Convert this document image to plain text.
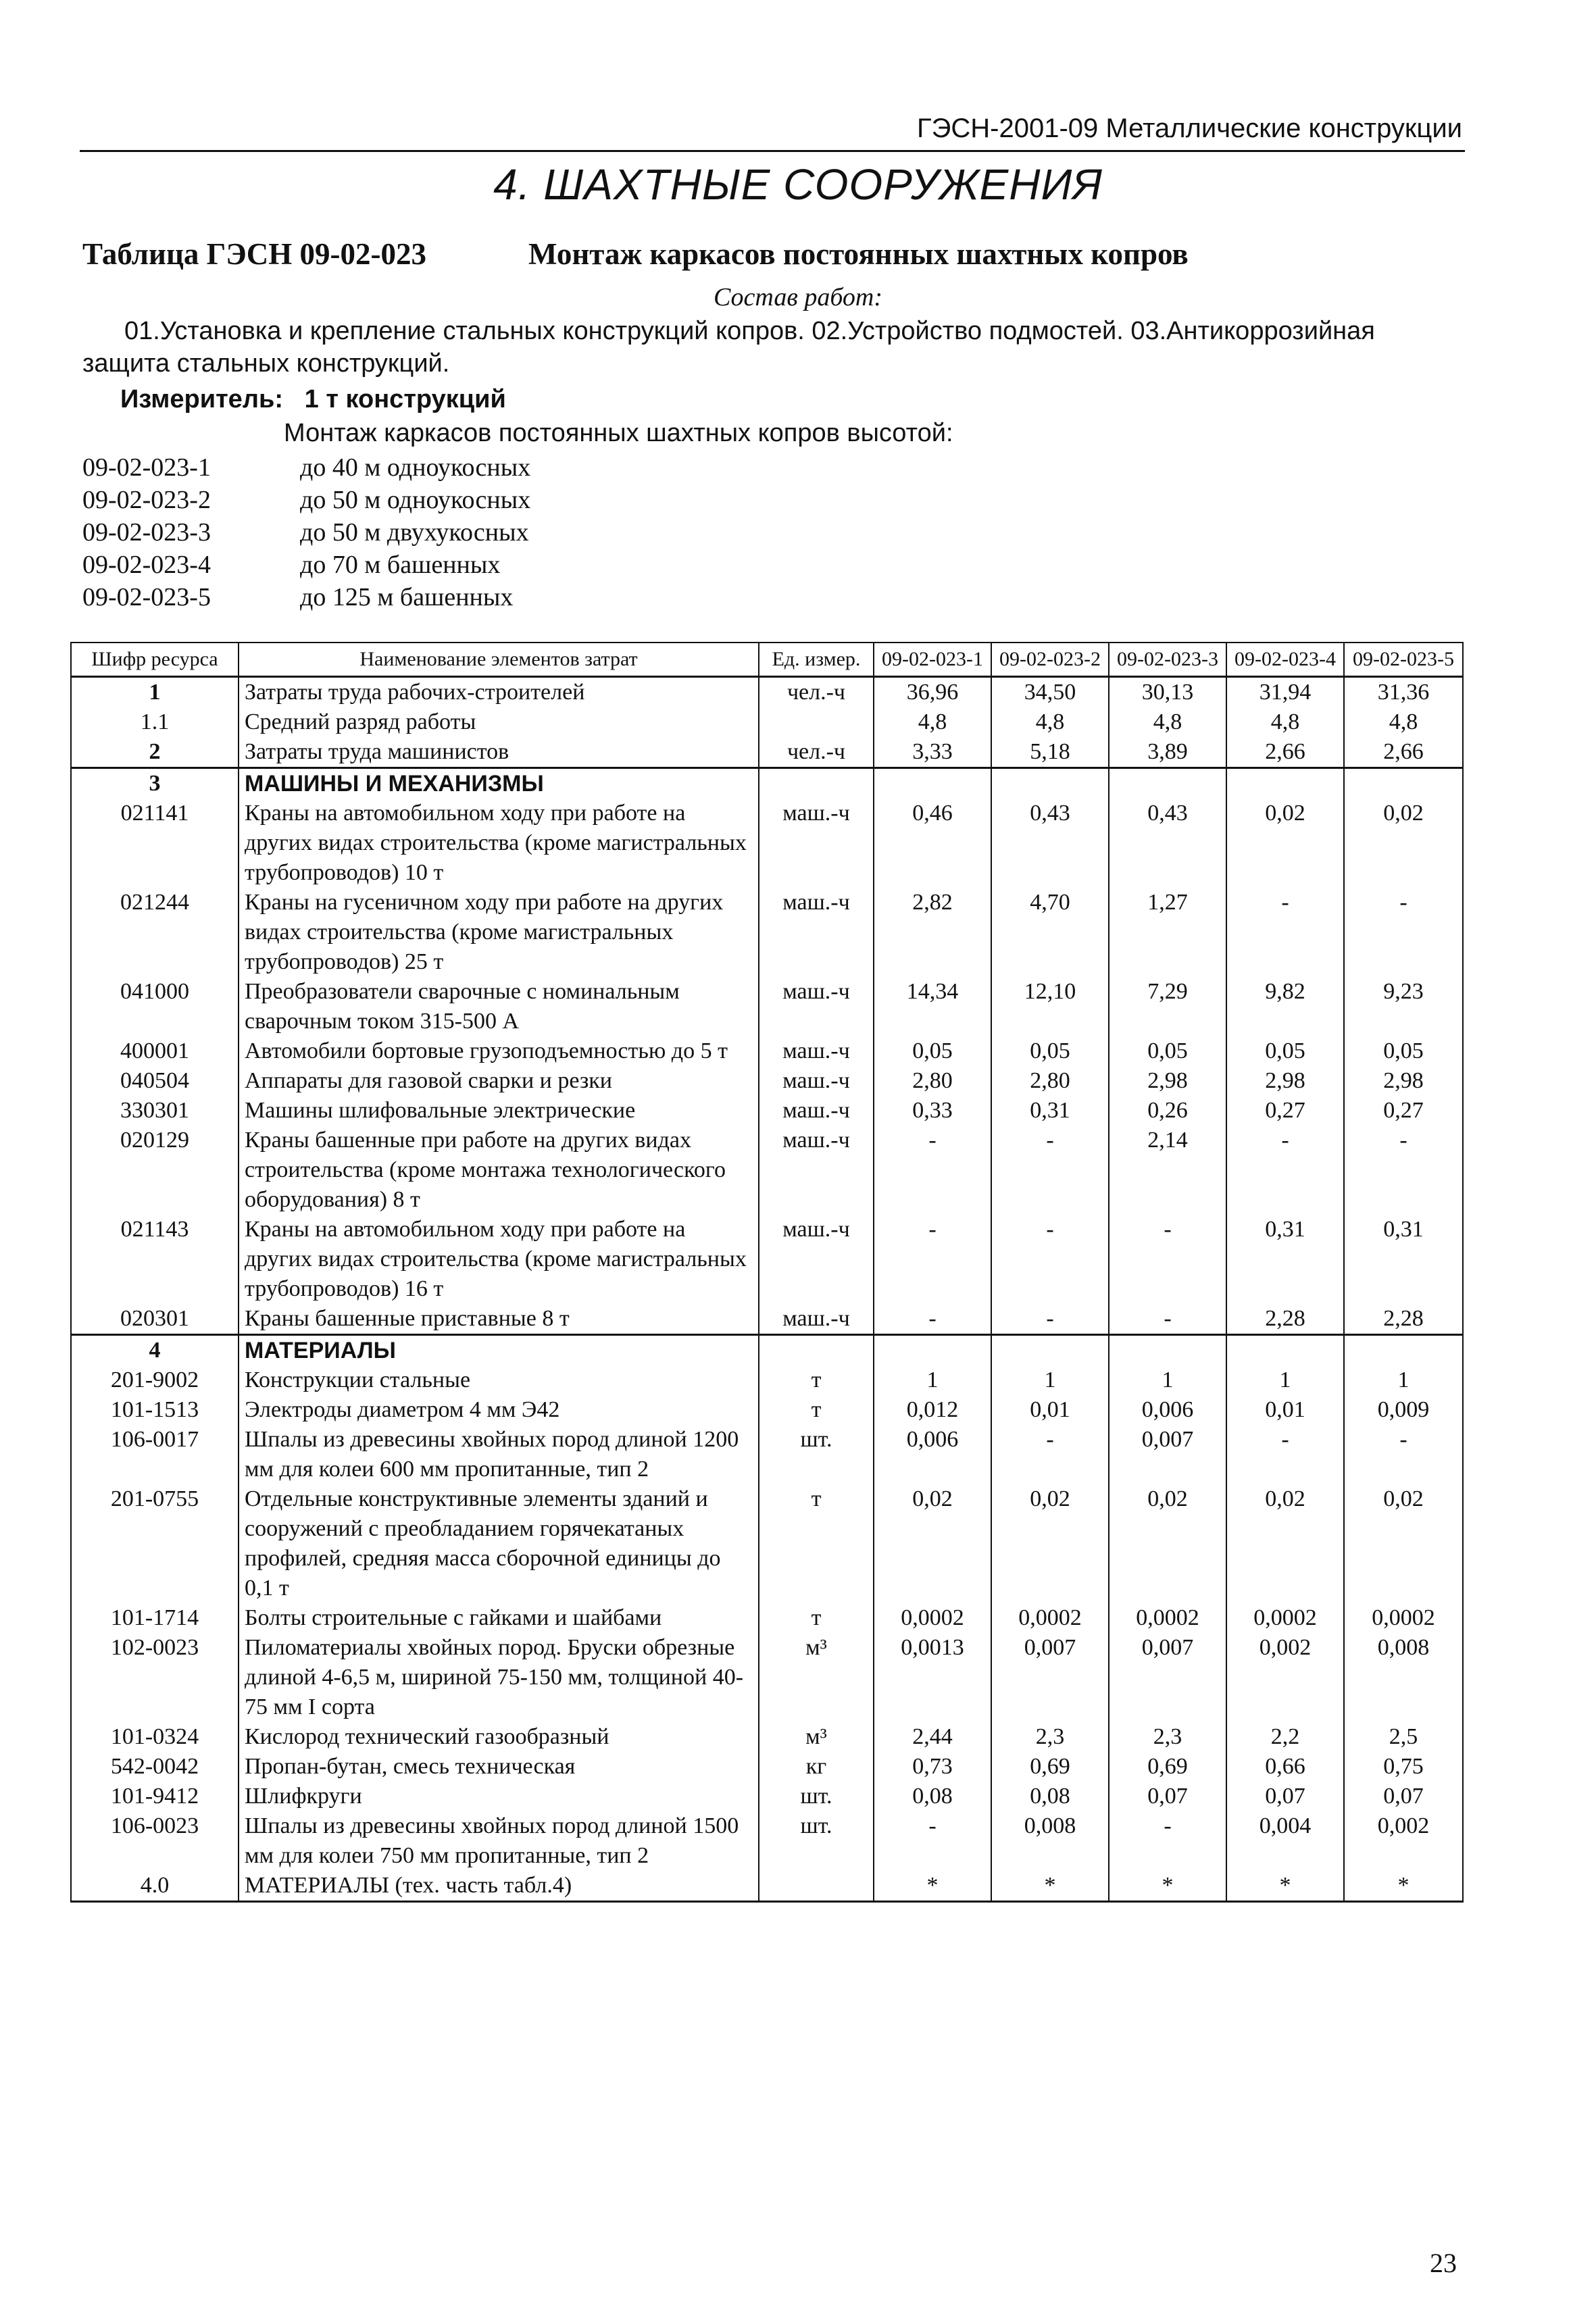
ГЭСН-2001-09 Металлические конструкции
4. ШАХТНЫЕ СООРУЖЕНИЯ
Таблица ГЭСН 09-02-023	Монтаж каркасов постоянных шахтных копров
Состав работ:
01.Установка и крепление стальных конструкций копров. 02.Устройство подмостей. 03.Антикоррозийная защита стальных конструкций.
Измеритель:   1 т конструкций
Монтаж каркасов постоянных шахтных копров высотой:
09-02-023-1	до 40 м одноукосных
09-02-023-2	до 50 м одноукосных
09-02-023-3	до 50 м двухукосных
09-02-023-4	до 70 м башенных
09-02-023-5	до 125 м башенных
Шифр ресурса	Наименование элементов затрат	Ед. измер.	09-02-023-1	09-02-023-2	09-02-023-3	09-02-023-4	09-02-023-5
1	Затраты труда рабочих-строителей	чел.-ч	36,96	34,50	30,13	31,94	31,36
1.1	Средний разряд работы		4,8	4,8	4,8	4,8	4,8
2	Затраты труда машинистов	чел.-ч	3,33	5,18	3,89	2,66	2,66
3	МАШИНЫ И МЕХАНИЗМЫ						
021141	Краны на автомобильном ходу при работе на других видах строительства (кроме магистральных трубопроводов) 10 т	маш.-ч	0,46	0,43	0,43	0,02	0,02
021244	Краны на гусеничном ходу при работе на других видах строительства (кроме магистральных трубопроводов) 25 т	маш.-ч	2,82	4,70	1,27	-	-
041000	Преобразователи сварочные с номинальным сварочным током 315-500 А	маш.-ч	14,34	12,10	7,29	9,82	9,23
400001	Автомобили бортовые грузоподъемностью до 5 т	маш.-ч	0,05	0,05	0,05	0,05	0,05
040504	Аппараты для газовой сварки и резки	маш.-ч	2,80	2,80	2,98	2,98	2,98
330301	Машины шлифовальные электрические	маш.-ч	0,33	0,31	0,26	0,27	0,27
020129	Краны башенные при работе на других видах строительства (кроме монтажа технологического оборудования) 8 т	маш.-ч	-	-	2,14	-	-
021143	Краны на автомобильном ходу при работе на других видах строительства (кроме магистральных трубопроводов) 16 т	маш.-ч	-	-	-	0,31	0,31
020301	Краны башенные приставные 8 т	маш.-ч	-	-	-	2,28	2,28
4	МАТЕРИАЛЫ						
201-9002	Конструкции стальные	т	1	1	1	1	1
101-1513	Электроды диаметром 4 мм Э42	т	0,012	0,01	0,006	0,01	0,009
106-0017	Шпалы из древесины хвойных пород длиной 1200 мм для колеи 600 мм пропитанные, тип 2	шт.	0,006	-	0,007	-	-
201-0755	Отдельные конструктивные элементы зданий и сооружений с преобладанием горячекатаных профилей, средняя масса сборочной единицы до 0,1 т	т	0,02	0,02	0,02	0,02	0,02
101-1714	Болты строительные с гайками и шайбами	т	0,0002	0,0002	0,0002	0,0002	0,0002
102-0023	Пиломатериалы хвойных пород. Бруски обрезные длиной 4-6,5 м, шириной 75-150 мм, толщиной 40-75 мм I сорта	м³	0,0013	0,007	0,007	0,002	0,008
101-0324	Кислород технический газообразный	м³	2,44	2,3	2,3	2,2	2,5
542-0042	Пропан-бутан, смесь техническая	кг	0,73	0,69	0,69	0,66	0,75
101-9412	Шлифкруги	шт.	0,08	0,08	0,07	0,07	0,07
106-0023	Шпалы из древесины хвойных пород длиной 1500 мм для колеи 750 мм пропитанные, тип 2	шт.	-	0,008	-	0,004	0,002
4.0	МАТЕРИАЛЫ (тех. часть табл.4)		*	*	*	*	*
23
